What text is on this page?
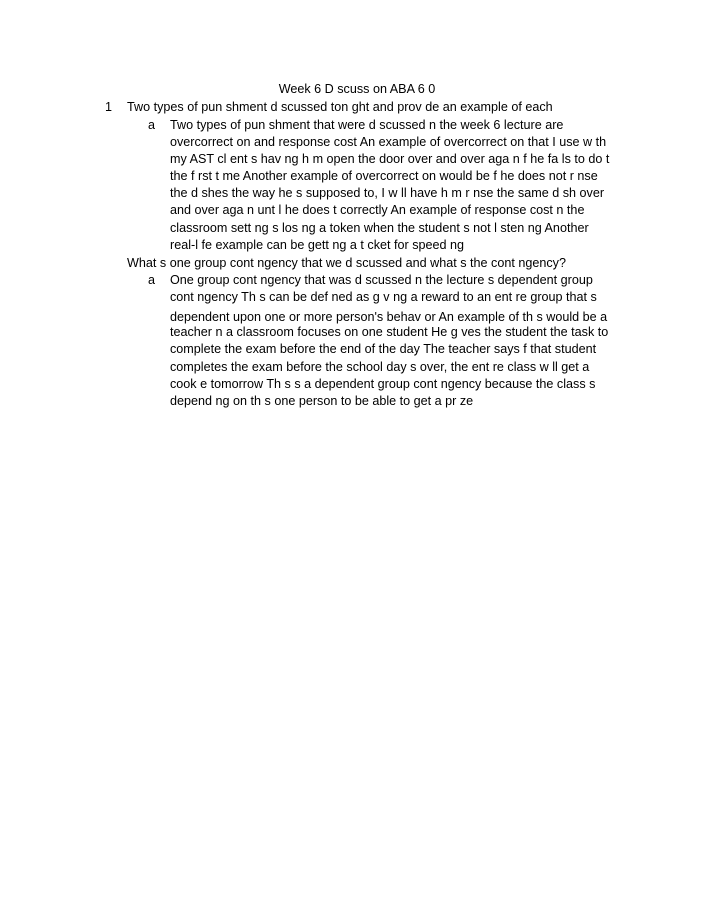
Week 6 D scuss on ABA 6 0
1 Two types of pun shment d scussed ton ght and prov de an example of each
a Two types of pun shment that were d scussed n the week 6 lecture are
overcorrect on and response cost An example of overcorrect on that I use w th
my AST cl ent s hav ng h m open the door over and over aga n f he fa ls to do t
the f rst t me Another example of overcorrect on would be f he does not r nse
the d shes the way he s supposed to, I w ll have h m r nse the same d sh over
and over aga n unt l he does t correctly An example of response cost n the
classroom sett ng s los ng a token when the student s not l sten ng Another
real-l fe example can be gett ng a t cket for speed ng
What s one group cont ngency that we d scussed and what s the cont ngency?
a One group cont ngency that was d scussed n the lecture s dependent group
cont ngency Th s can be def ned as g v ng a reward to an ent re group that s
dependent upon one or more person's behav or An example of th s would be a
teacher n a classroom focuses on one student He g ves the student the task to
complete the exam before the end of the day The teacher says f that student
completes the exam before the school day s over, the ent re class w ll get a
cook e tomorrow Th s s a dependent group cont ngency because the class s
depend ng on th s one person to be able to get a pr ze
